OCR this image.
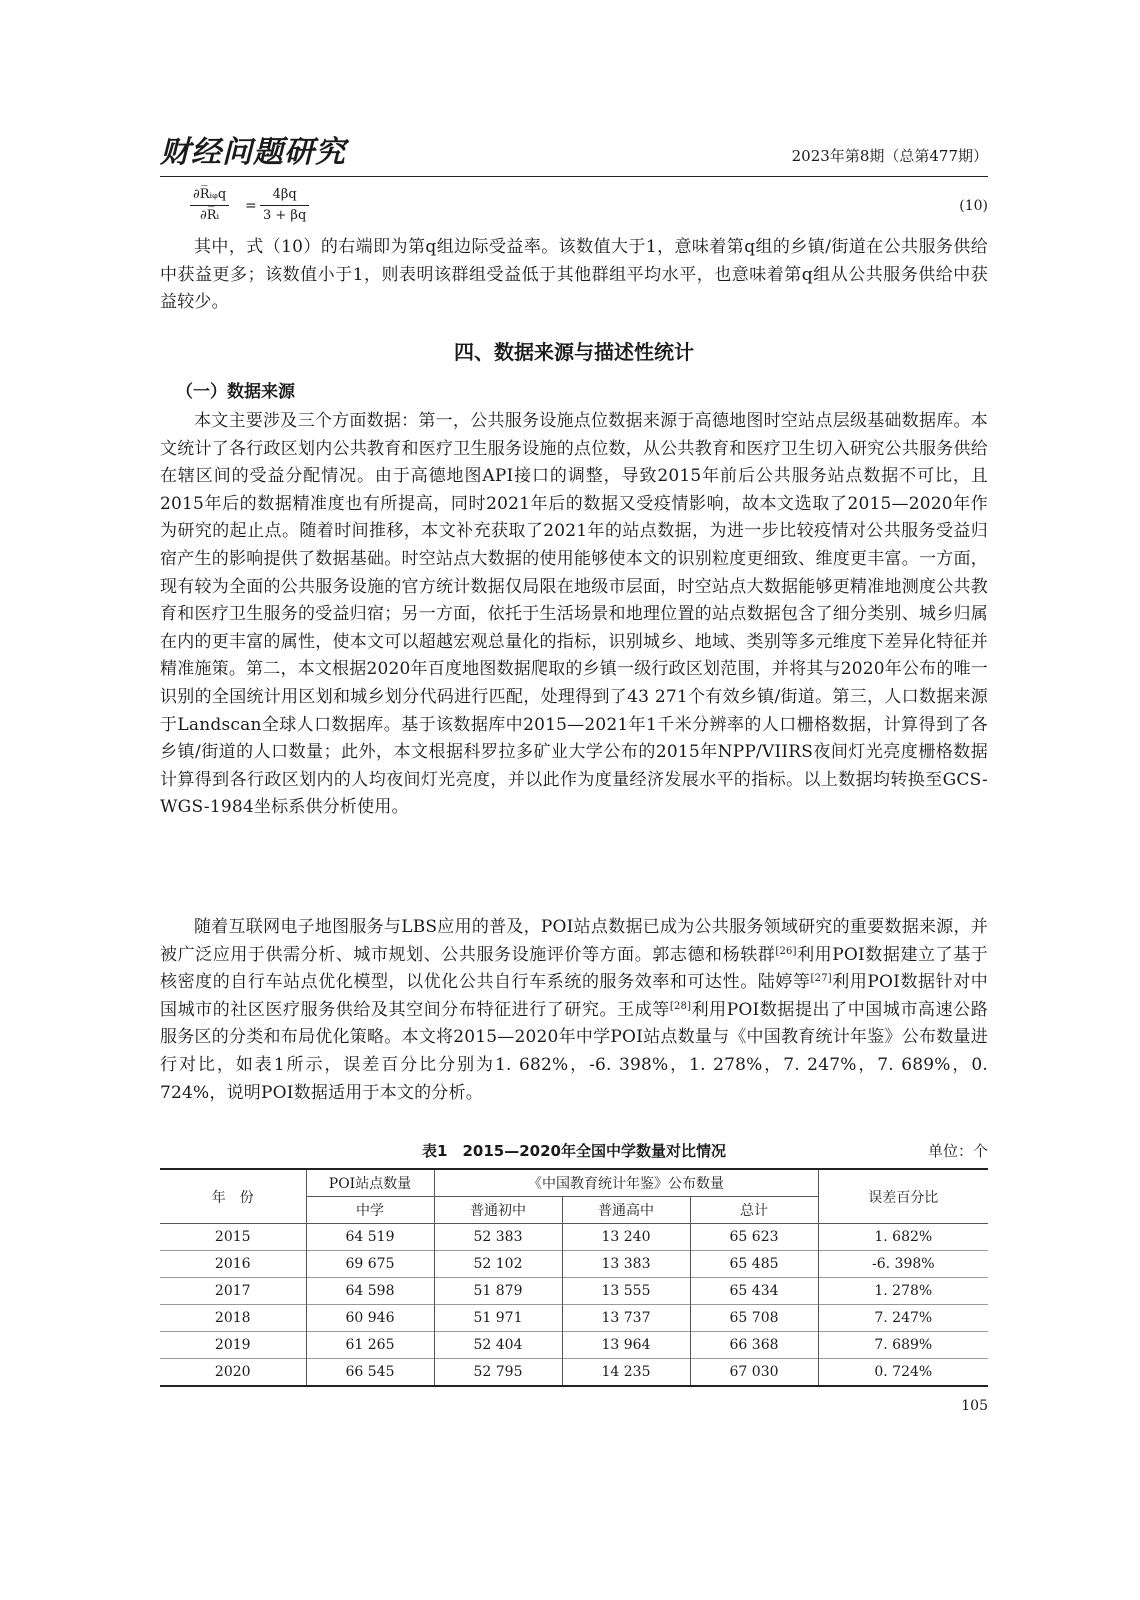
财经问题研究	2023年第8期（总第477期）
∂R̅ᵢᵩq
∂R̅ᵢ
= $\frac{4\beta q}{3 + \beta q}$	(10)

其中，式（10）的右端即为第q组边际受益率。该数值大于1，意味着第q组的乡镇/街道在公共服务供给中获益更多；该数值小于1，则表明该群组受益低于其他群组平均水平，也意味着第q组从公共服务供给中获益较少。

四、数据来源与描述性统计
（一）数据来源

本文主要涉及三个方面数据：第一，公共服务设施点位数据来源于高德地图时空站点层级基础数据库。本文统计了各行政区划内公共教育和医疗卫生服务设施的点位数，从公共教育和医疗卫生切入研究公共服务供给在辖区间的受益分配情况。由于高德地图API接口的调整，导致2015年前后公共服务站点数据不可比，且2015年后的数据精准度也有所提高，同时2021年后的数据又受疫情影响，故本文选取了2015—2020年作为研究的起止点。随着时间推移，本文补充获取了2021年的站点数据，为进一步比较疫情对公共服务受益归宿产生的影响提供了数据基础。时空站点大数据的使用能够使本文的识别粒度更细致、维度更丰富。一方面，现有较为全面的公共服务设施的官方统计数据仅局限在地级市层面，时空站点大数据能够更精准地测度公共教育和医疗卫生服务的受益归宿；另一方面，依托于生活场景和地理位置的站点数据包含了细分类别、城乡归属在内的更丰富的属性，使本文可以超越宏观总量化的指标，识别城乡、地域、类别等多元维度下差异化特征并精准施策。第二，本文根据2020年百度地图数据爬取的乡镇一级行政区划范围，并将其与2020年公布的唯一识别的全国统计用区划和城乡划分代码进行匹配，处理得到了43 271个有效乡镇/街道。第三，人口数据来源于Landscan全球人口数据库。基于该数据库中2015—2021年1千米分辨率的人口栅格数据，计算得到了各乡镇/街道的人口数量；此外，本文根据科罗拉多矿业大学公布的2015年NPP/VIIRS夜间灯光亮度栅格数据计算得到各行政区划内的人均夜间灯光亮度，并以此作为度量经济发展水平的指标。以上数据均转换至GCS-WGS-1984坐标系供分析使用。

随着互联网电子地图服务与LBS应用的普及，POI站点数据已成为公共服务领域研究的重要数据来源，并被广泛应用于供需分析、城市规划、公共服务设施评价等方面。郭志德和杨轶群[26]利用POI数据建立了基于核密度的自行车站点优化模型，以优化公共自行车系统的服务效率和可达性。陆婷等[27]利用POI数据针对中国城市的社区医疗服务供给及其空间分布特征进行了研究。王成等[28]利用POI数据提出了中国城市高速公路服务区的分类和布局优化策略。本文将2015—2020年中学POI站点数量与《中国教育统计年鉴》公布数量进行对比，如表1所示，误差百分比分别为1. 682%，-6. 398%，1. 278%，7. 247%，7. 689%，0. 724%，说明POI数据适用于本文的分析。

表1　2015—2020年全国中学数量对比情况	单位：个
年　份	POI站点数量	《中国教育统计年鉴》公布数量			误差百分比
	中学	普通初中	普通高中	总计	
2015	64 519	52 383	13 240	65 623	1. 682%
2016	69 675	52 102	13 383	65 485	-6. 398%
2017	64 598	51 879	13 555	65 434	1. 278%
2018	60 946	51 971	13 737	65 708	7. 247%
2019	61 265	52 404	13 964	66 368	7. 689%
2020	66 545	52 795	14 235	67 030	0. 724%
105
